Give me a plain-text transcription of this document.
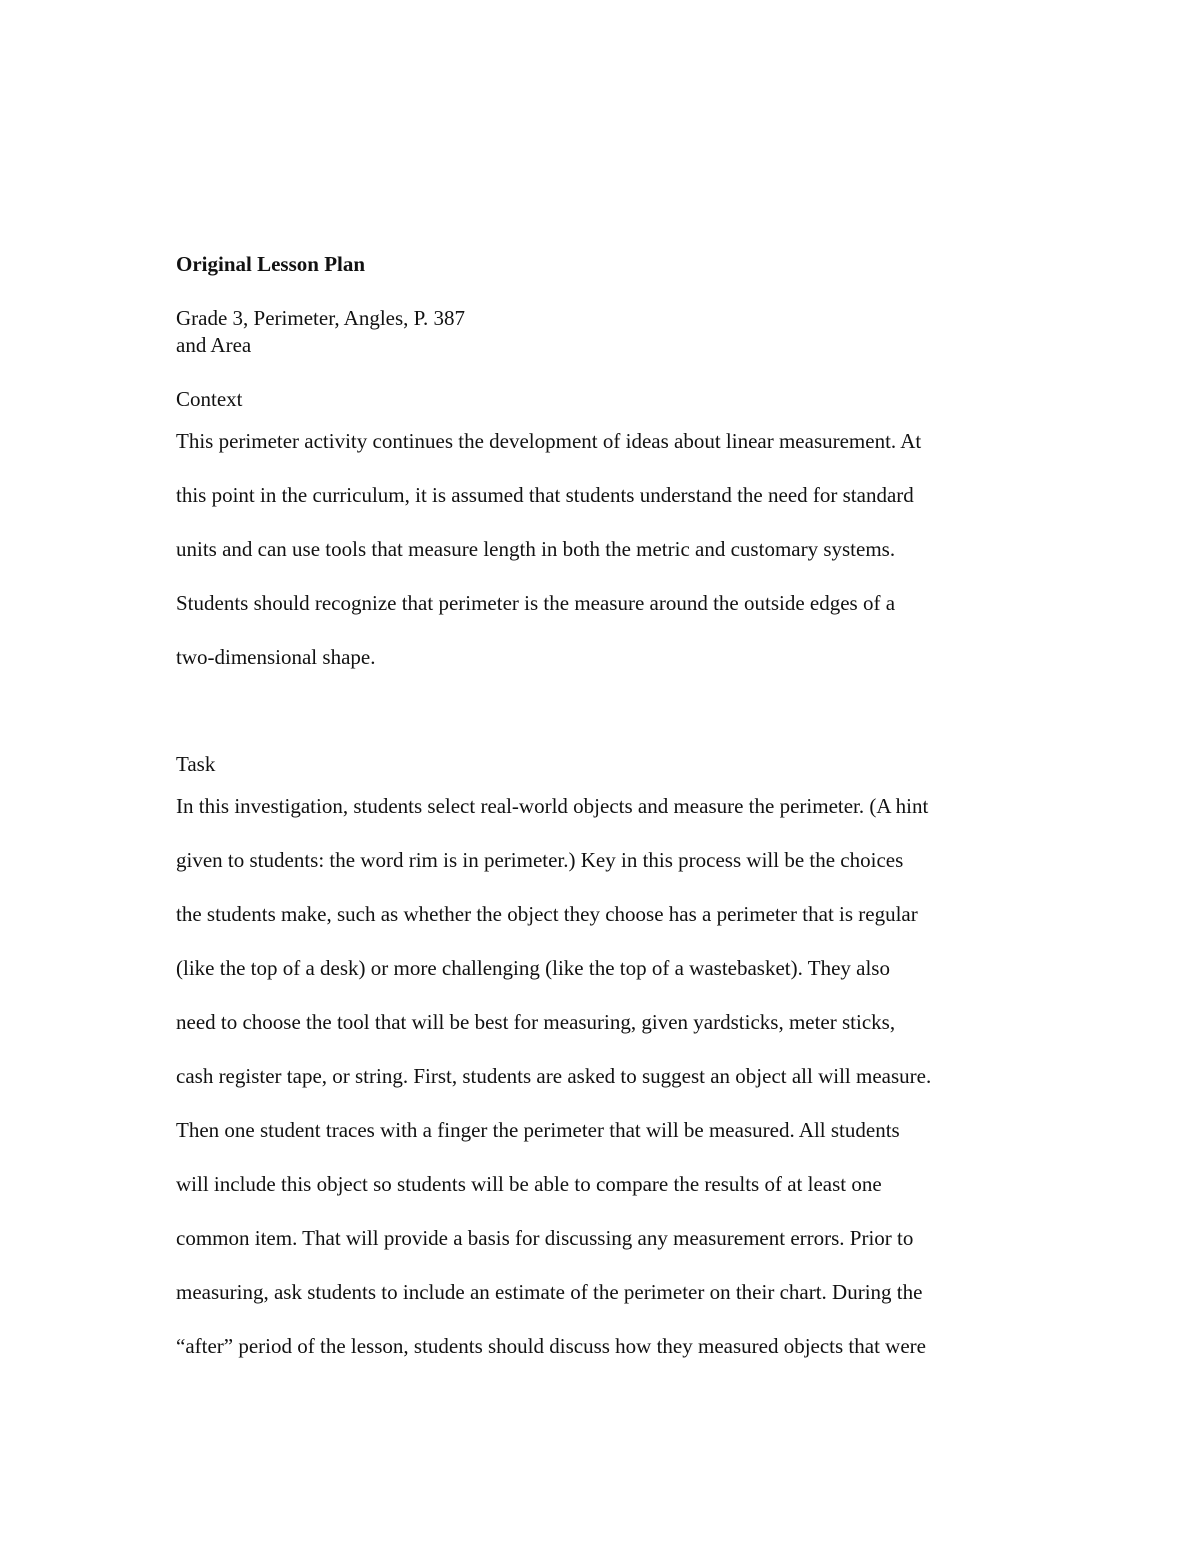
Original Lesson Plan
Grade 3, Perimeter, Angles, P. 387
and Area
Context
This perimeter activity continues the development of ideas about linear measurement. At
this point in the curriculum, it is assumed that students understand the need for standard
units and can use tools that measure length in both the metric and customary systems.
Students should recognize that perimeter is the measure around the outside edges of a
two-dimensional shape.
Task
In this investigation, students select real-world objects and measure the perimeter. (A hint
given to students: the word rim is in perimeter.) Key in this process will be the choices
the students make, such as whether the object they choose has a perimeter that is regular
(like the top of a desk) or more challenging (like the top of a wastebasket). They also
need to choose the tool that will be best for measuring, given yardsticks, meter sticks,
cash register tape, or string. First, students are asked to suggest an object all will measure.
Then one student traces with a finger the perimeter that will be measured. All students
will include this object so students will be able to compare the results of at least one
common item. That will provide a basis for discussing any measurement errors. Prior to
measuring, ask students to include an estimate of the perimeter on their chart. During the
“after” period of the lesson, students should discuss how they measured objects that were
